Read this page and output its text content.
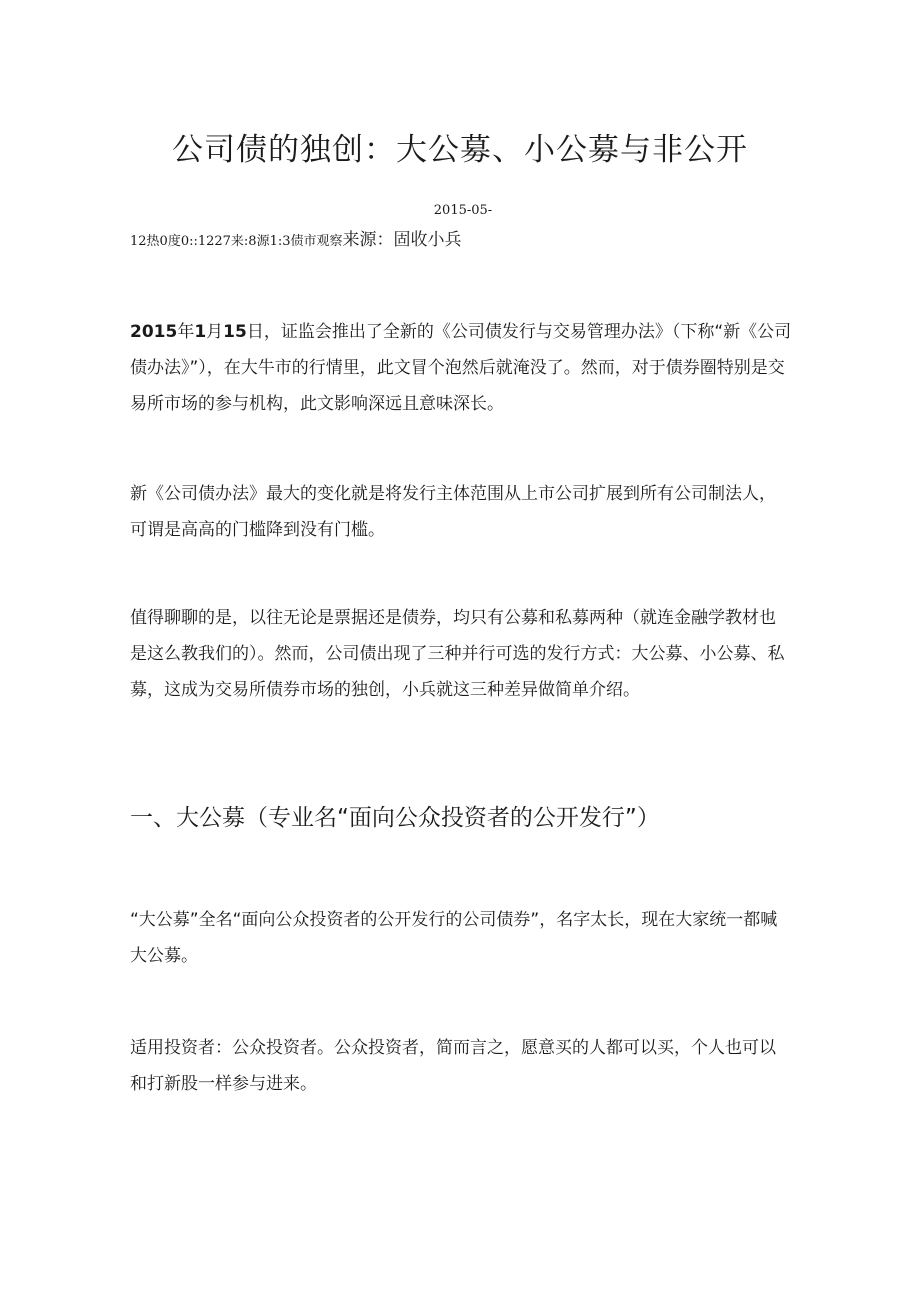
公司债的独创：大公募、小公募与非公开
2015-05-
12热0度0::1227来:8源1:3债市观察来源：固收小兵

2015年1月15日，证监会推出了全新的《公司债发行与交易管理办法》（下称“新《公司债办法》”），在大牛市的行情里，此文冒个泡然后就淹没了。然而，对于债券圈特别是交易所市场的参与机构，此文影响深远且意味深长。

新《公司债办法》最大的变化就是将发行主体范围从上市公司扩展到所有公司制法人，可谓是高高的门槛降到没有门槛。

值得聊聊的是，以往无论是票据还是债券，均只有公募和私募两种（就连金融学教材也是这么教我们的）。然而，公司债出现了三种并行可选的发行方式：大公募、小公募、私募，这成为交易所债券市场的独创，小兵就这三种差异做简单介绍。

一、大公募（专业名“面向公众投资者的公开发行”）

“大公募”全名“面向公众投资者的公开发行的公司债券”，名字太长，现在大家统一都喊大公募。

适用投资者：公众投资者。公众投资者，简而言之，愿意买的人都可以买，个人也可以和打新股一样参与进来。
